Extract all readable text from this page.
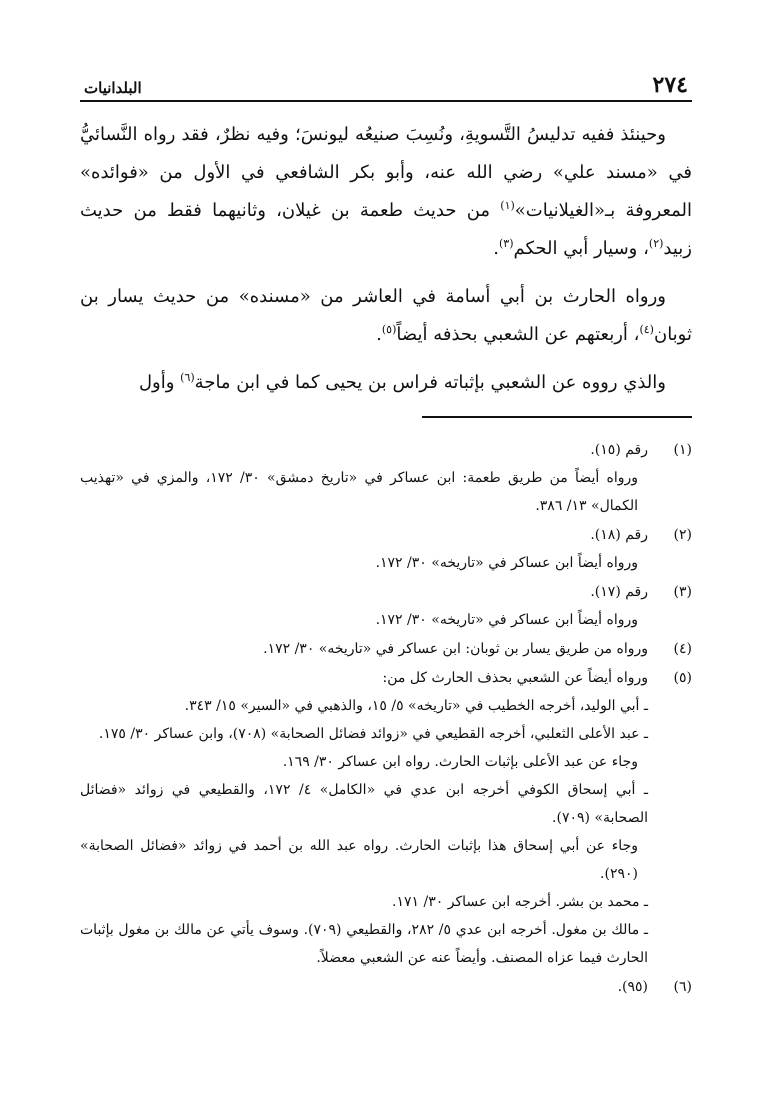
٢٧٤
البلدانيات

وحينئذ ففيه تدليسُ التَّسويةِ، ونُسِبَ صنيعُه ليونسَ؛ وفيه نظرٌ، فقد رواه النَّسائيُّ في «مسند علي» رضي الله عنه، وأبو بكر الشافعي في الأول من «فوائده» المعروفة بـ«الغيلانيات»$^{(١)}$ من حديث طعمة بن غيلان، وثانيهما فقط من حديث زبيد$^{(٢)}$، وسيار أبي الحكم$^{(٣)}$.

ورواه الحارث بن أبي أسامة في العاشر من «مسنده» من حديث يسار بن ثوبان$^{(٤)}$، أربعتهم عن الشعبي بحذفه أيضاً$^{(٥)}$.

والذي رووه عن الشعبي بإثباته فراس بن يحيى كما في ابن ماجة$^{(٦)}$ وأول

(١)
رقم (١٥).
ورواه أيضاً من طريق طعمة: ابن عساكر في «تاريخ دمشق» ٣٠/ ١٧٢، والمزي في «تهذيب الكمال» ١٣/ ٣٨٦.
(٢)
رقم (١٨).
ورواه أيضاً ابن عساكر في «تاريخه» ٣٠/ ١٧٢.
(٣)
رقم (١٧).
ورواه أيضاً ابن عساكر في «تاريخه» ٣٠/ ١٧٢.
(٤)
ورواه من طريق يسار بن ثوبان: ابن عساكر في «تاريخه» ٣٠/ ١٧٢.
(٥)
ورواه أيضاً عن الشعبي بحذف الحارث كل من:
ـ أبي الوليد، أخرجه الخطيب في «تاريخه» ٥/ ١٥، والذهبي في «السير» ١٥/ ٣٤٣.
ـ عبد الأعلى الثعلبي، أخرجه القطيعي في «زوائد فضائل الصحابة» (٧٠٨)، وابن عساكر ٣٠/ ١٧٥.
وجاء عن عبد الأعلى بإثبات الحارث. رواه ابن عساكر ٣٠/ ١٦٩.
ـ أبي إسحاق الكوفي أخرجه ابن عدي في «الكامل» ٤/ ١٧٢، والقطيعي في زوائد «فضائل الصحابة» (٧٠٩).
وجاء عن أبي إسحاق هذا بإثبات الحارث. رواه عبد الله بن أحمد في زوائد «فضائل الصحابة» (٢٩٠).
ـ محمد بن بشر. أخرجه ابن عساكر ٣٠/ ١٧١.
ـ مالك بن مغول. أخرجه ابن عدي ٥/ ٢٨٢، والقطيعي (٧٠٩). وسوف يأتي عن مالك بن مغول بإثبات الحارث فيما عزاه المصنف. وأيضاً عنه عن الشعبي معضلاً.
(٦)
(٩٥).
